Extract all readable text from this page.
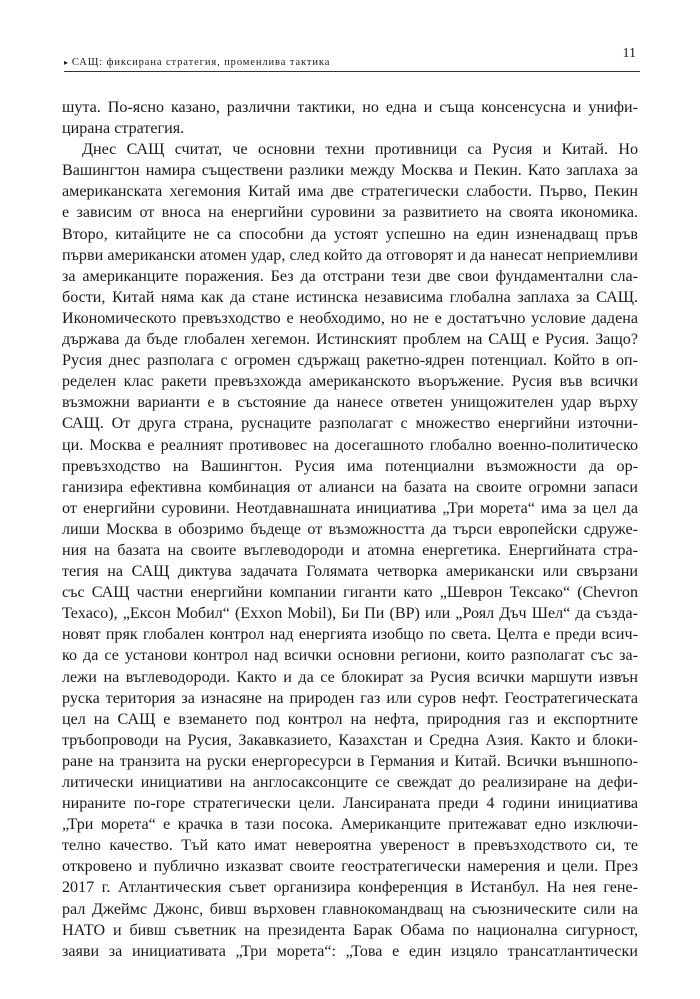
▸ САЩ: фиксирана стратегия, променлива тактика
11
шута. По-ясно казано, различни тактики, но една и съща консенсусна и унифи-
цирана стратегия.
Днес САЩ считат, че основни техни противници са Русия и Китай. Но
Вашингтон намира съществени разлики между Москва и Пекин. Като заплаха за
американската хегемония Китай има две стратегически слабости. Първо, Пекин
е зависим от вноса на енергийни суровини за развитието на своята икономика.
Второ, китайците не са способни да устоят успешно на един изненадващ пръв
първи американски атомен удар, след който да отговорят и да нанесат неприемливи
за американците поражения. Без да отстрани тези две свои фундаментални сла-
бости, Китай няма как да стане истинска независима глобална заплаха за САЩ.
Икономическото превъзходство е необходимо, но не е достатъчно условие дадена
държава да бъде глобален хегемон. Истинският проблем на САЩ е Русия. Защо?
Русия днес разполага с огромен сдържащ ракетно-ядрен потенциал. Който в оп-
ределен клас ракети превъзхожда американското въоръжение. Русия във всички
възможни варианти е в състояние да нанесе ответен унищожителен удар върху
САЩ. От друга страна, руснаците разполагат с множество енергийни източни-
ци. Москва е реалният противовес на досегашното глобално военно-политическо
превъзходство на Вашингтон. Русия има потенциални възможности да ор-
ганизира ефективна комбинация от алианси на базата на своите огромни запаси
от енергийни суровини. Неотдавнашната инициатива „Три морета“ има за цел да
лиши Москва в обозримо бъдеще от възможността да търси европейски сдруже-
ния на базата на своите въглеводороди и атомна енергетика. Енергийната стра-
тегия на САЩ диктува задачата Голямата четворка американски или свързани
със САЩ частни енергийни компании гиганти като „Шеврон Тексако“ (Chevron
Texaco), „Ексон Мобил“ (Exxon Mobil), Би Пи (BP) или „Роял Дъч Шел“ да създа-
новят пряк глобален контрол над енергията изобщо по света. Целта е преди всич-
ко да се установи контрол над всички основни региони, които разполагат със за-
лежи на въглеводороди. Както и да се блокират за Русия всички маршути извън
руска територия за изнасяне на природен газ или суров нефт. Геостратегическата
цел на САЩ е вземането под контрол на нефта, природния газ и експортните
тръбопроводи на Русия, Закавказието, Казахстан и Средна Азия. Както и блоки-
ране на транзита на руски енергоресурси в Германия и Китай. Всички външнопо-
литически инициативи на англосаксонците се свеждат до реализиране на дефи-
нираните по-горе стратегически цели. Лансираната преди 4 години инициатива
„Три морета“ е крачка в тази посока. Американците притежават едно изключи-
телно качество. Тъй като имат невероятна увереност в превъзходството си, те
откровено и публично изказват своите геостратегически намерения и цели. През
2017 г. Атлантическия съвет организира конференция в Истанбул. На нея гене-
рал Джеймс Джонс, бивш върховен главнокомандващ на съюзническите сили на
НАТО и бивш съветник на президента Барак Обама по национална сигурност,
заяви за инициативата „Три морета“: „Това е един изцяло трансатлантически
